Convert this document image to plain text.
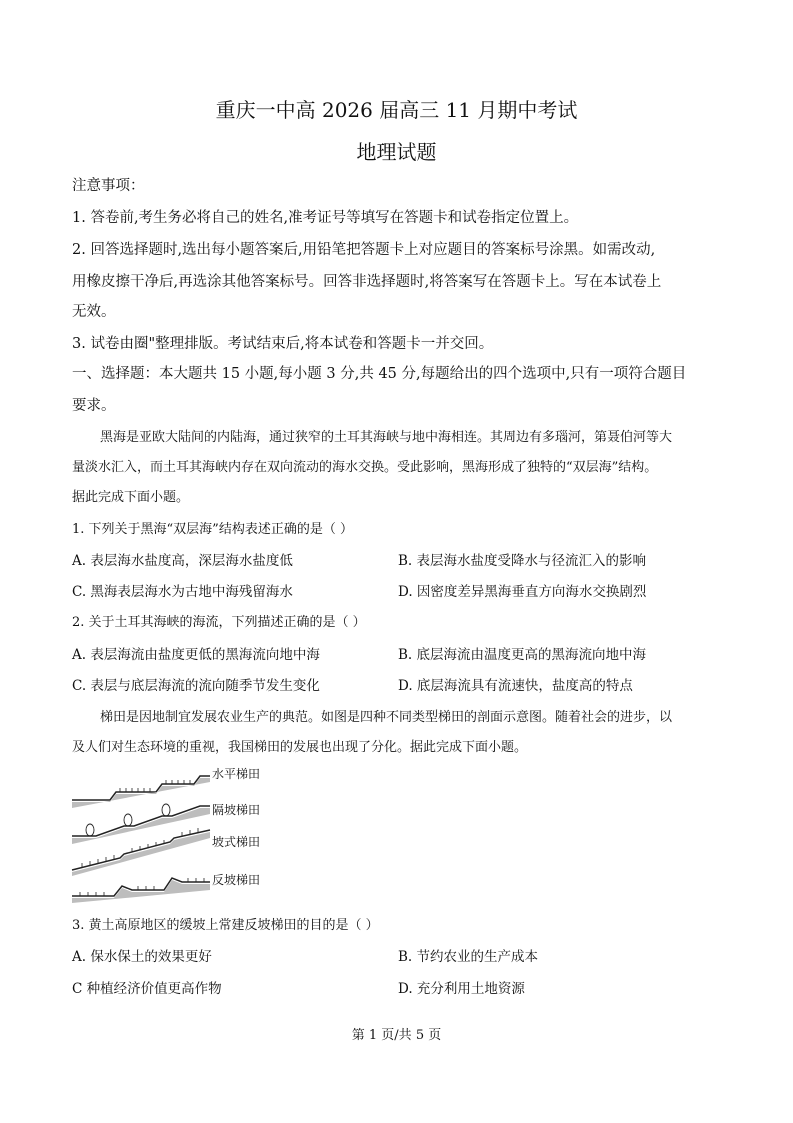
重庆一中高 2026 届高三 11 月期中考试
地理试题
注意事项：
1. 答卷前,考生务必将自己的姓名,准考证号等填写在答题卡和试卷指定位置上。
2. 回答选择题时,选出每小题答案后,用铅笔把答题卡上对应题目的答案标号涂黑。如需改动,
用橡皮擦干净后,再选涂其他答案标号。回答非选择题时,将答案写在答题卡上。写在本试卷上
无效。
3. 试卷由圈"整理排版。考试结束后,将本试卷和答题卡一并交回。
一、选择题：本大题共 15 小题,每小题 3 分,共 45 分,每题给出的四个选项中,只有一项符合题目
要求。
黑海是亚欧大陆间的内陆海，通过狭窄的土耳其海峡与地中海相连。其周边有多瑙河，第聂伯河等大
量淡水汇入，而土耳其海峡内存在双向流动的海水交换。受此影响，黑海形成了独特的“双层海”结构。
据此完成下面小题。
1. 下列关于黑海“双层海”结构表述正确的是（ ）
A. 表层海水盐度高，深层海水盐度低	B. 表层海水盐度受降水与径流汇入的影响
C. 黑海表层海水为古地中海残留海水	D. 因密度差异黑海垂直方向海水交换剧烈
2. 关于土耳其海峡的海流，下列描述正确的是（ ）
A. 表层海流由盐度更低的黑海流向地中海	B. 底层海流由温度更高的黑海流向地中海
C. 表层与底层海流的流向随季节发生变化	D. 底层海流具有流速快，盐度高的特点
梯田是因地制宜发展农业生产的典范。如图是四种不同类型梯田的剖面示意图。随着社会的进步，以
及人们对生态环境的重视，我国梯田的发展也出现了分化。据此完成下面小题。
水平梯田
隔坡梯田
坡式梯田
反坡梯田
3. 黄土高原地区的缓坡上常建反坡梯田的目的是（ ）
A. 保水保土的效果更好	B. 节约农业的生产成本
C 种植经济价值更高作物	D. 充分利用土地资源
第 1 页/共 5 页
